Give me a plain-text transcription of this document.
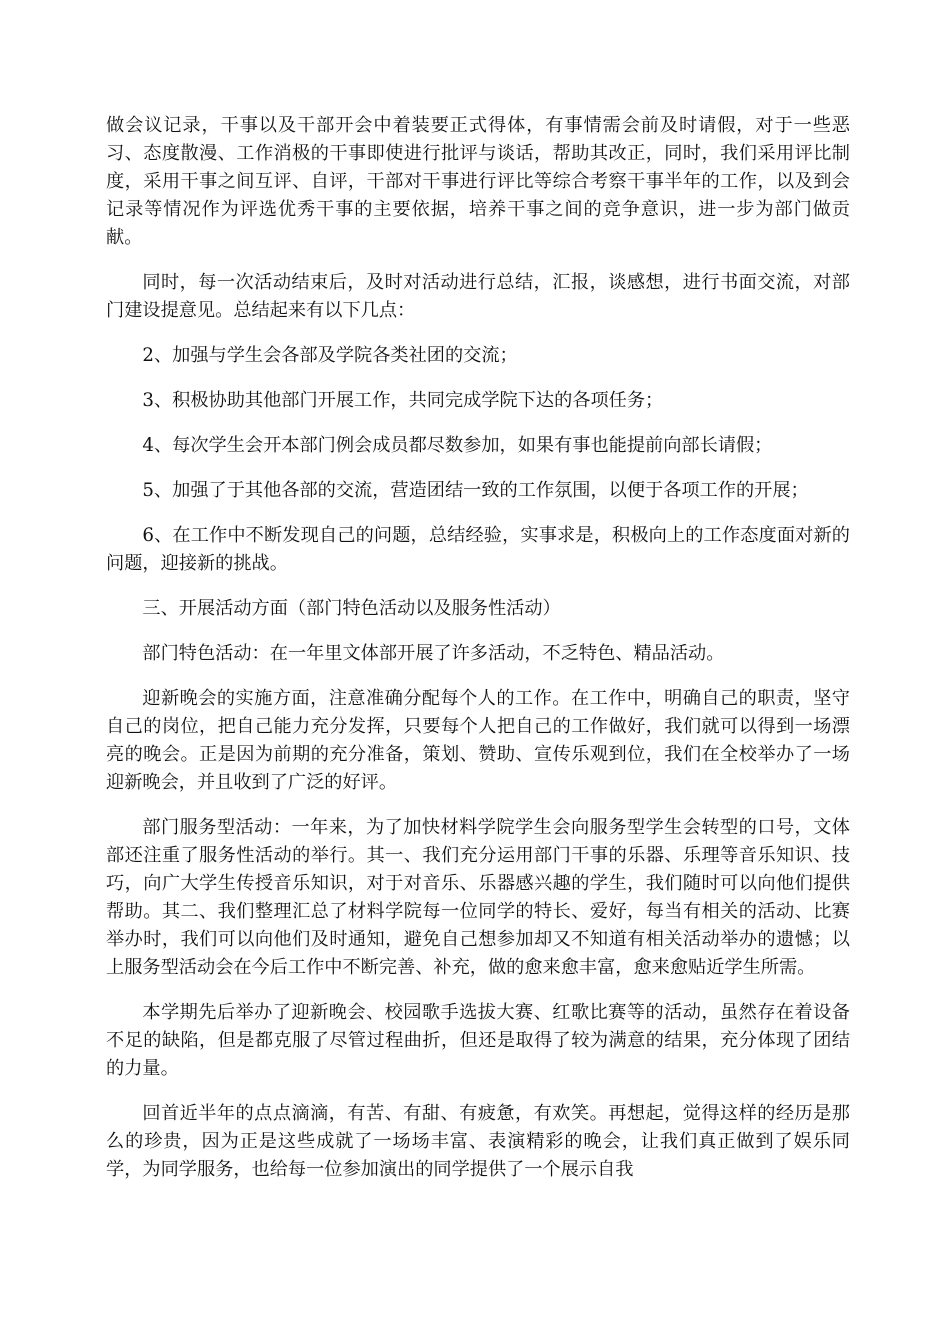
做会议记录，干事以及干部开会中着装要正式得体，有事情需会前及时请假，对于一些恶习、态度散漫、工作消极的干事即使进行批评与谈话，帮助其改正，同时，我们采用评比制度，采用干事之间互评、自评，干部对干事进行评比等综合考察干事半年的工作，以及到会记录等情况作为评选优秀干事的主要依据，培养干事之间的竞争意识，进一步为部门做贡献。

同时，每一次活动结束后，及时对活动进行总结，汇报，谈感想，进行书面交流，对部门建设提意见。总结起来有以下几点：

2、加强与学生会各部及学院各类社团的交流；

3、积极协助其他部门开展工作，共同完成学院下达的各项任务；

4、每次学生会开本部门例会成员都尽数参加，如果有事也能提前向部长请假；

5、加强了于其他各部的交流，营造团结一致的工作氛围，以便于各项工作的开展；

6、在工作中不断发现自己的问题，总结经验，实事求是，积极向上的工作态度面对新的问题，迎接新的挑战。

三、开展活动方面（部门特色活动以及服务性活动）

部门特色活动：在一年里文体部开展了许多活动，不乏特色、精品活动。

迎新晚会的实施方面，注意准确分配每个人的工作。在工作中，明确自己的职责，坚守自己的岗位，把自己能力充分发挥，只要每个人把自己的工作做好，我们就可以得到一场漂亮的晚会。正是因为前期的充分准备，策划、赞助、宣传乐观到位，我们在全校举办了一场迎新晚会，并且收到了广泛的好评。

部门服务型活动：一年来，为了加快材料学院学生会向服务型学生会转型的口号，文体部还注重了服务性活动的举行。其一、我们充分运用部门干事的乐器、乐理等音乐知识、技巧，向广大学生传授音乐知识，对于对音乐、乐器感兴趣的学生，我们随时可以向他们提供帮助。其二、我们整理汇总了材料学院每一位同学的特长、爱好，每当有相关的活动、比赛举办时，我们可以向他们及时通知，避免自己想参加却又不知道有相关活动举办的遗憾；以上服务型活动会在今后工作中不断完善、补充，做的愈来愈丰富，愈来愈贴近学生所需。

本学期先后举办了迎新晚会、校园歌手选拔大赛、红歌比赛等的活动，虽然存在着设备不足的缺陷，但是都克服了尽管过程曲折，但还是取得了较为满意的结果，充分体现了团结的力量。

回首近半年的点点滴滴，有苦、有甜、有疲惫，有欢笑。再想起，觉得这样的经历是那么的珍贵，因为正是这些成就了一场场丰富、表演精彩的晚会，让我们真正做到了娱乐同学，为同学服务，也给每一位参加演出的同学提供了一个展示自我
